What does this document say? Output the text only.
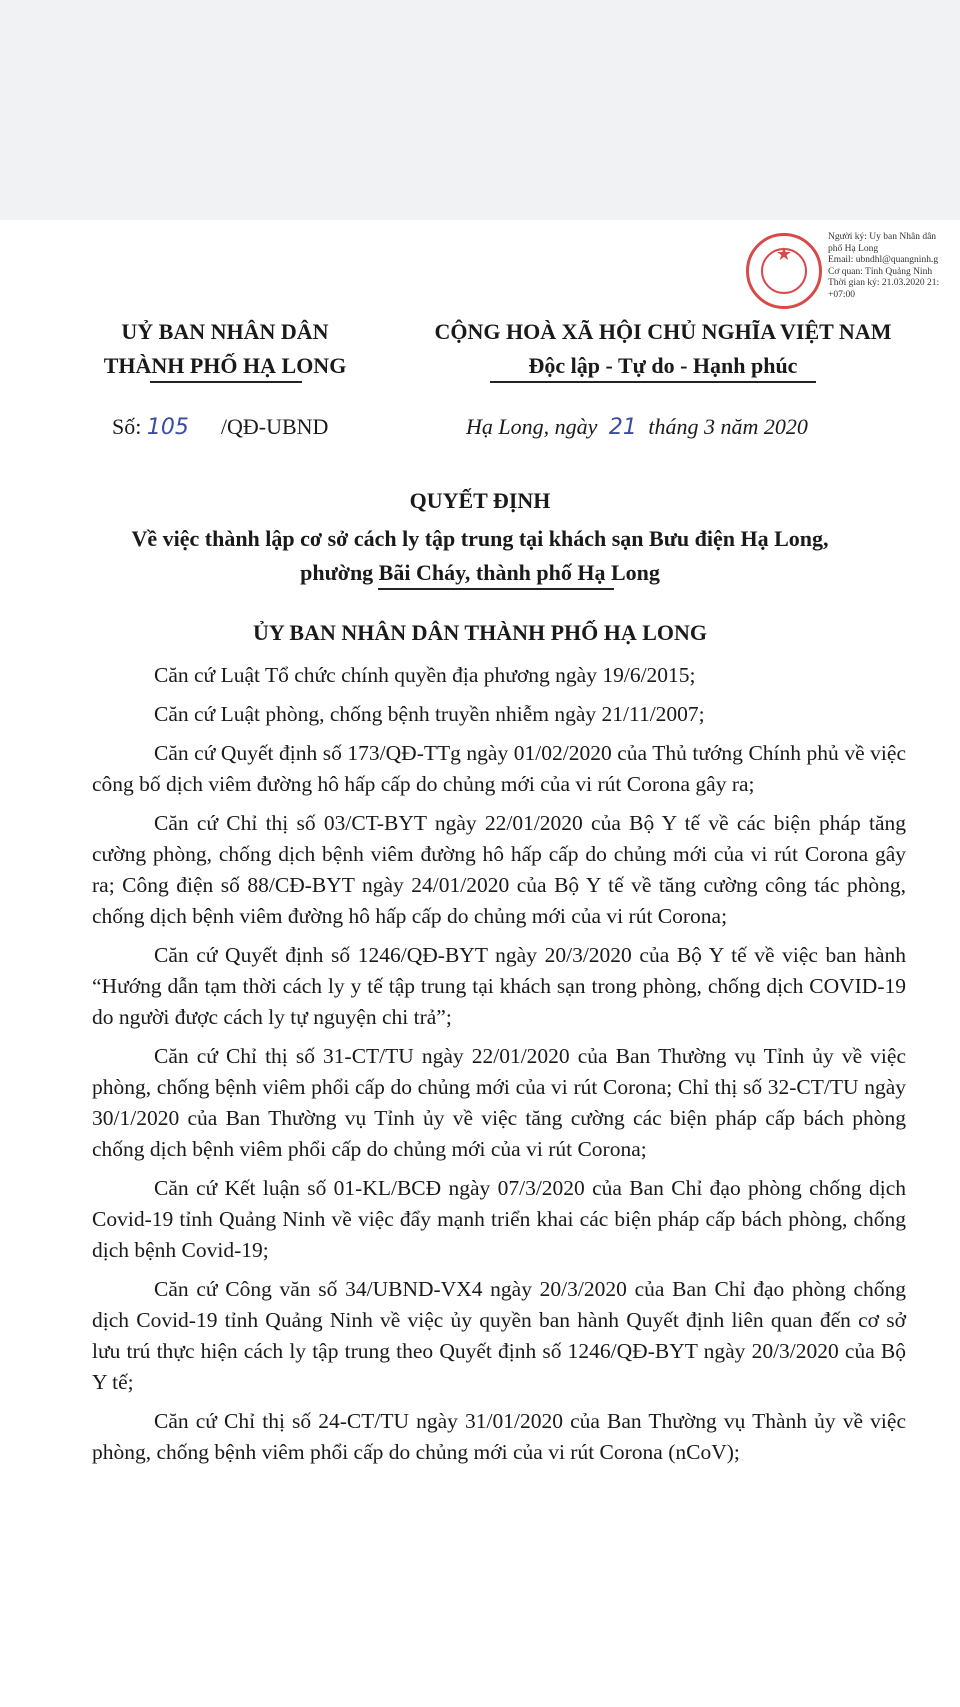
★
Người ký: Ủy ban Nhân dân
phố Hạ Long
Email: ubndhl@quangninh.g
Cơ quan: Tỉnh Quảng Ninh
Thời gian ký: 21.03.2020 21:
+07:00
UỶ BAN NHÂN DÂN
THÀNH PHỐ HẠ LONG
CỘNG HOÀ XÃ HỘI CHỦ NGHĨA VIỆT NAM
Độc lập - Tự do - Hạnh phúc
Số: 105 /QĐ-UBND	Hạ Long, ngày 21 tháng 3 năm 2020
QUYẾT ĐỊNH
Về việc thành lập cơ sở cách ly tập trung tại khách sạn Bưu điện Hạ Long,
phường Bãi Cháy, thành phố Hạ Long
ỦY BAN NHÂN DÂN THÀNH PHỐ HẠ LONG

Căn cứ Luật Tổ chức chính quyền địa phương ngày 19/6/2015;

Căn cứ Luật phòng, chống bệnh truyền nhiễm ngày 21/11/2007;

Căn cứ Quyết định số 173/QĐ-TTg ngày 01/02/2020 của Thủ tướng Chính phủ về việc công bố dịch viêm đường hô hấp cấp do chủng mới của vi rút Corona gây ra;

Căn cứ Chỉ thị số 03/CT-BYT ngày 22/01/2020 của Bộ Y tế về các biện pháp tăng cường phòng, chống dịch bệnh viêm đường hô hấp cấp do chủng mới của vi rút Corona gây ra; Công điện số 88/CĐ-BYT ngày 24/01/2020 của Bộ Y tế về tăng cường công tác phòng, chống dịch bệnh viêm đường hô hấp cấp do chủng mới của vi rút Corona;

Căn cứ Quyết định số 1246/QĐ-BYT ngày 20/3/2020 của Bộ Y tế về việc ban hành “Hướng dẫn tạm thời cách ly y tế tập trung tại khách sạn trong phòng, chống dịch COVID-19 do người được cách ly tự nguyện chi trả”;

Căn cứ Chỉ thị số 31-CT/TU ngày 22/01/2020 của Ban Thường vụ Tỉnh ủy về việc phòng, chống bệnh viêm phổi cấp do chủng mới của vi rút Corona; Chỉ thị số 32-CT/TU ngày 30/1/2020 của Ban Thường vụ Tỉnh ủy về việc tăng cường các biện pháp cấp bách phòng chống dịch bệnh viêm phổi cấp do chủng mới của vi rút Corona;

Căn cứ Kết luận số 01-KL/BCĐ ngày 07/3/2020 của Ban Chỉ đạo phòng chống dịch Covid-19 tỉnh Quảng Ninh về việc đẩy mạnh triển khai các biện pháp cấp bách phòng, chống dịch bệnh Covid-19;

Căn cứ Công văn số 34/UBND-VX4 ngày 20/3/2020 của Ban Chỉ đạo phòng chống dịch Covid-19 tỉnh Quảng Ninh về việc ủy quyền ban hành Quyết định liên quan đến cơ sở lưu trú thực hiện cách ly tập trung theo Quyết định số 1246/QĐ-BYT ngày 20/3/2020 của Bộ Y tế;

Căn cứ Chỉ thị số 24-CT/TU ngày 31/01/2020 của Ban Thường vụ Thành ủy về việc phòng, chống bệnh viêm phổi cấp do chủng mới của vi rút Corona (nCoV);
